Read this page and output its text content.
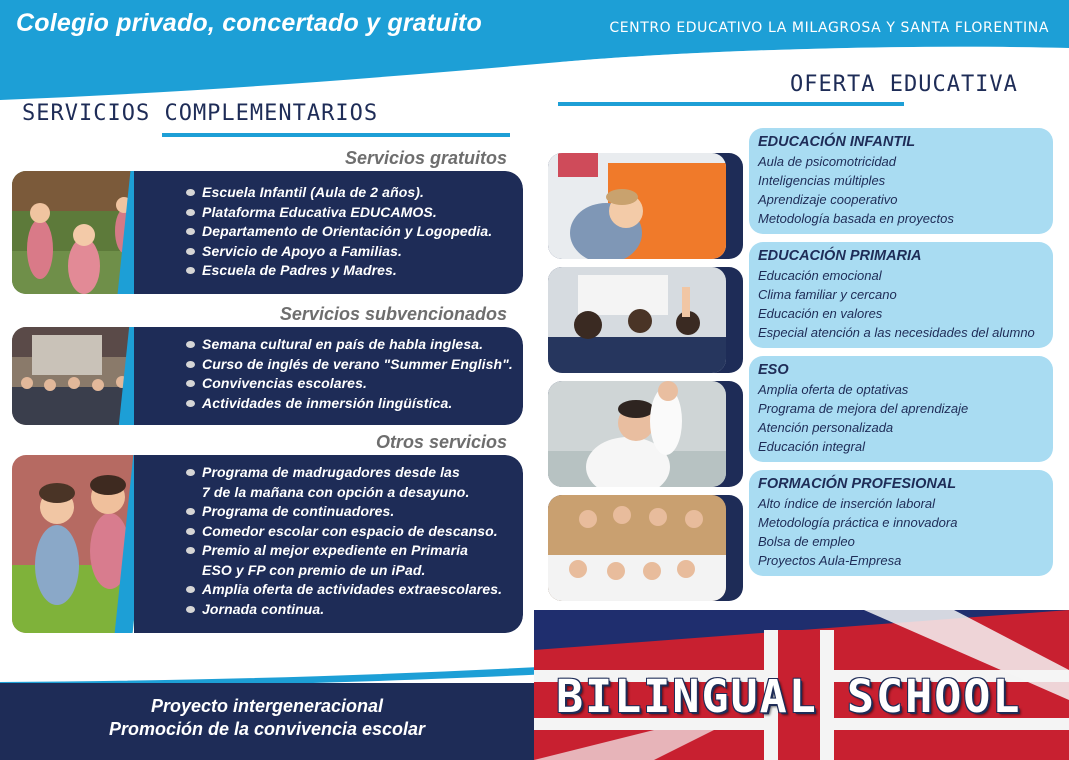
Colegio privado, concertado y gratuito	CENTRO EDUCATIVO LA MILAGROSA Y SANTA FLORENTINA
OFERTA EDUCATIVA
SERVICIOS COMPLEMENTARIOS
Servicios gratuitos
Escuela Infantil (Aula de 2 años).
Plataforma Educativa EDUCAMOS.
Departamento de Orientación y Logopedia.
Servicio de Apoyo a Familias.
Escuela de Padres y Madres.
Servicios subvencionados
Semana cultural en país de habla inglesa.
Curso de inglés de verano "Summer English".
Convivencias escolares.
Actividades de inmersión lingüística.
Otros servicios
Programa de madrugadores desde las
7 de la mañana con opción a desayuno.
Programa de continuadores.
Comedor escolar con espacio de descanso.
Premio al mejor expediente en Primaria
ESO y FP con premio de un iPad.
Amplia oferta de actividades extraescolares.
Jornada continua.
EDUCACIÓN INFANTIL
Aula de psicomotricidad
Inteligencias múltiples
Aprendizaje cooperativo
Metodología basada en proyectos
EDUCACIÓN PRIMARIA
Educación emocional
Clima familiar y cercano
Educación en valores
Especial atención a las necesidades del alumno
ESO
Amplia oferta de optativas
Programa de mejora del aprendizaje
Atención personalizada
Educación integral
FORMACIÓN PROFESIONAL
Alto índice de inserción laboral
Metodología práctica e innovadora
Bolsa de empleo
Proyectos Aula-Empresa
BILINGUAL SCHOOL
Proyecto intergeneracional
Promoción de la convivencia escolar
